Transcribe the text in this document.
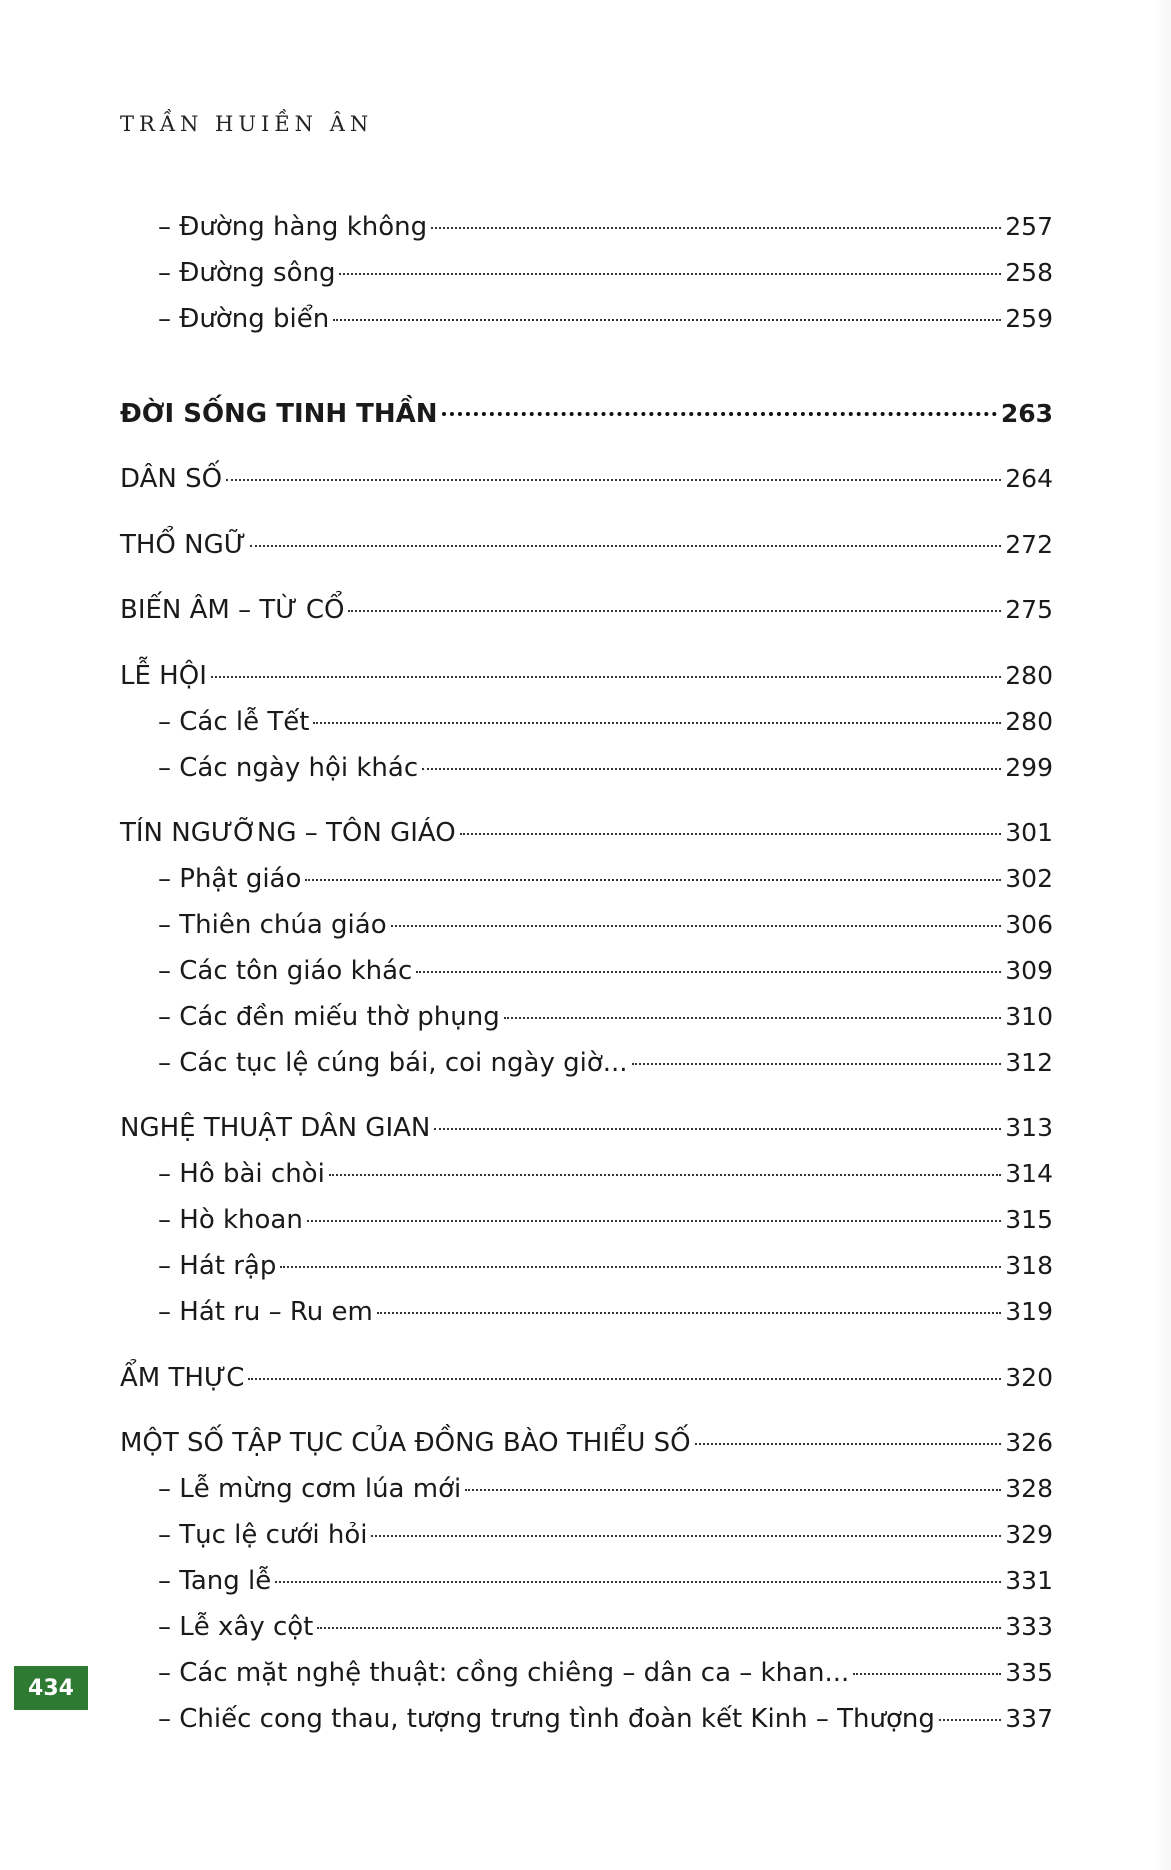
TRẦN HUIỀN ÂN
– Đường hàng không	257
– Đường sông	258
– Đường biển	259
ĐỜI SỐNG TINH THẦN	263
DÂN SỐ	264
THỔ NGỮ	272
BIẾN ÂM – TỪ CỔ	275
LỄ HỘI	280
– Các lễ Tết	280
– Các ngày hội khác	299
TÍN NGƯỠNG – TÔN GIÁO	301
– Phật giáo	302
– Thiên chúa giáo	306
– Các tôn giáo khác	309
– Các đền miếu thờ phụng	310
– Các tục lệ cúng bái, coi ngày giờ...	312
NGHỆ THUẬT DÂN GIAN	313
– Hô bài chòi	314
– Hò khoan	315
– Hát rập	318
– Hát ru – Ru em	319
ẨM THỰC	320
MỘT SỐ TẬP TỤC CỦA ĐỒNG BÀO THIỂU SỐ	326
– Lễ mừng cơm lúa mới	328
– Tục lệ cưới hỏi	329
– Tang lễ	331
– Lễ xây cột	333
– Các mặt nghệ thuật: cồng chiêng – dân ca – khan...	335
– Chiếc cong thau, tượng trưng tình đoàn kết Kinh – Thượng	337
434
